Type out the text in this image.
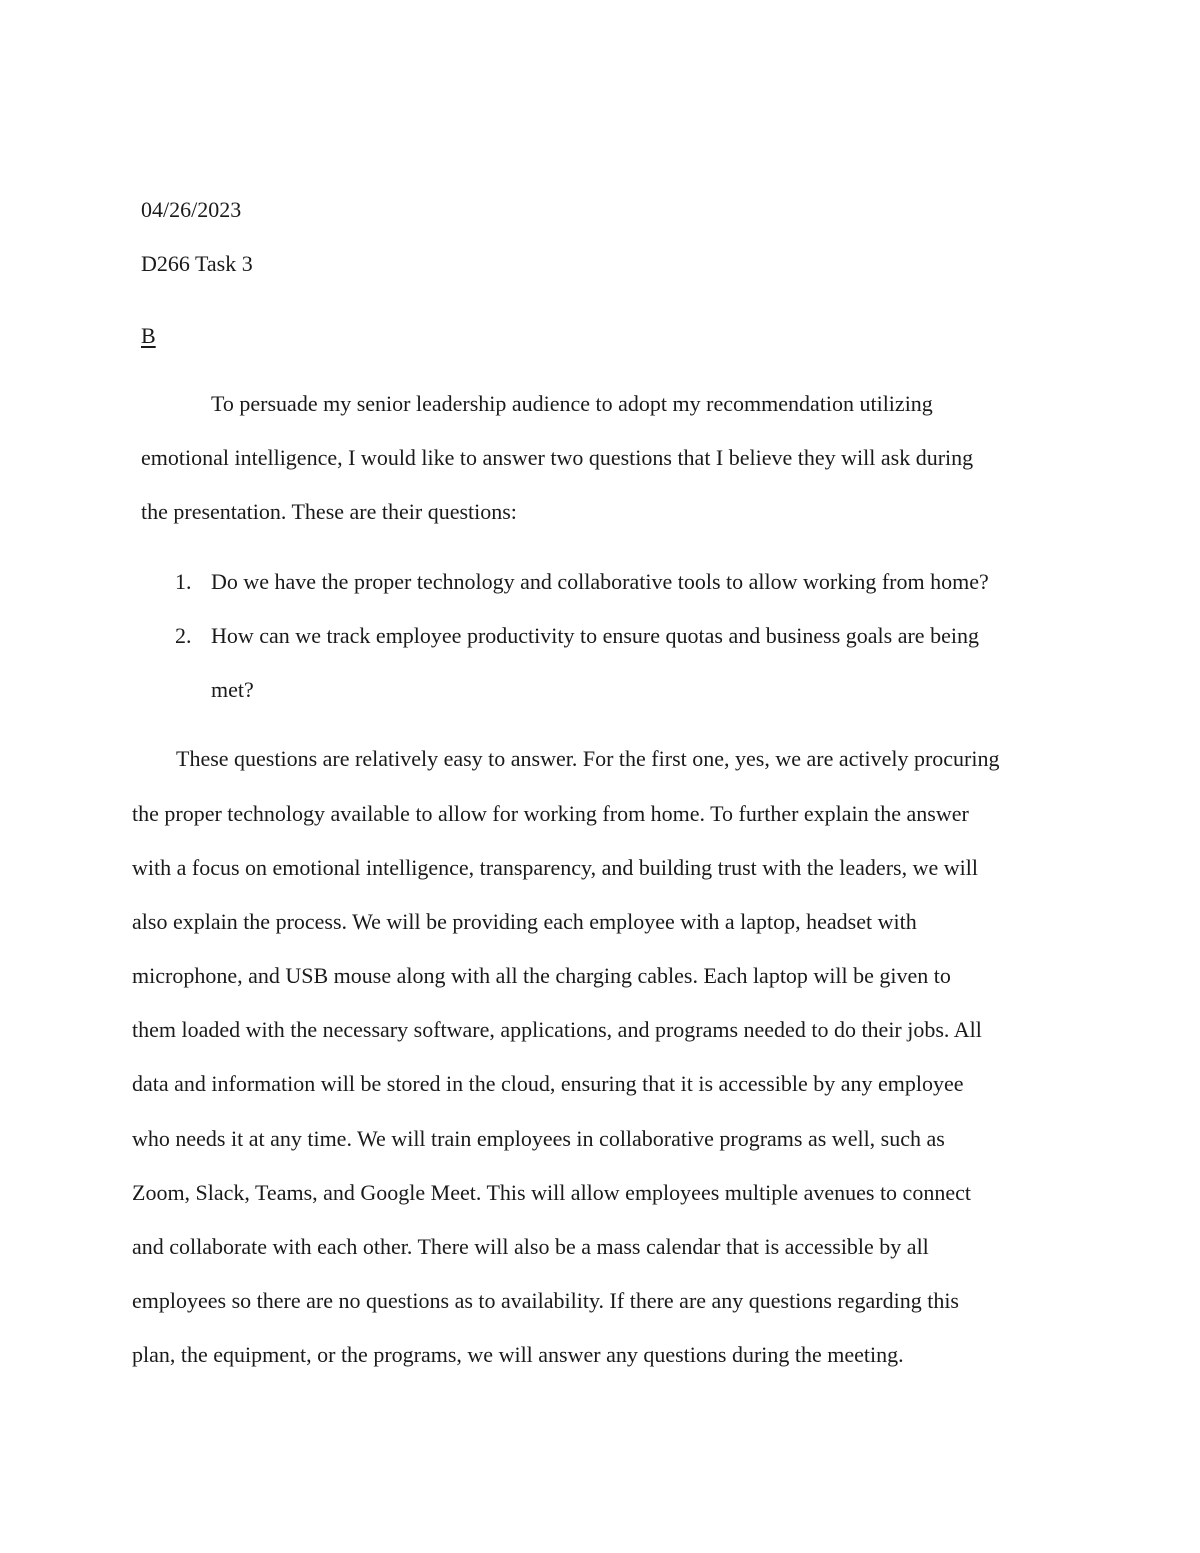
04/26/2023
D266 Task 3
B
To persuade my senior leadership audience to adopt my recommendation utilizing
emotional intelligence, I would like to answer two questions that I believe they will ask during
the presentation. These are their questions:
1. Do we have the proper technology and collaborative tools to allow working from home?
2. How can we track employee productivity to ensure quotas and business goals are being
met?
These questions are relatively easy to answer. For the first one, yes, we are actively procuring
the proper technology available to allow for working from home. To further explain the answer
with a focus on emotional intelligence, transparency, and building trust with the leaders, we will
also explain the process. We will be providing each employee with a laptop, headset with
microphone, and USB mouse along with all the charging cables. Each laptop will be given to
them loaded with the necessary software, applications, and programs needed to do their jobs. All
data and information will be stored in the cloud, ensuring that it is accessible by any employee
who needs it at any time. We will train employees in collaborative programs as well, such as
Zoom, Slack, Teams, and Google Meet. This will allow employees multiple avenues to connect
and collaborate with each other. There will also be a mass calendar that is accessible by all
employees so there are no questions as to availability. If there are any questions regarding this
plan, the equipment, or the programs, we will answer any questions during the meeting.
